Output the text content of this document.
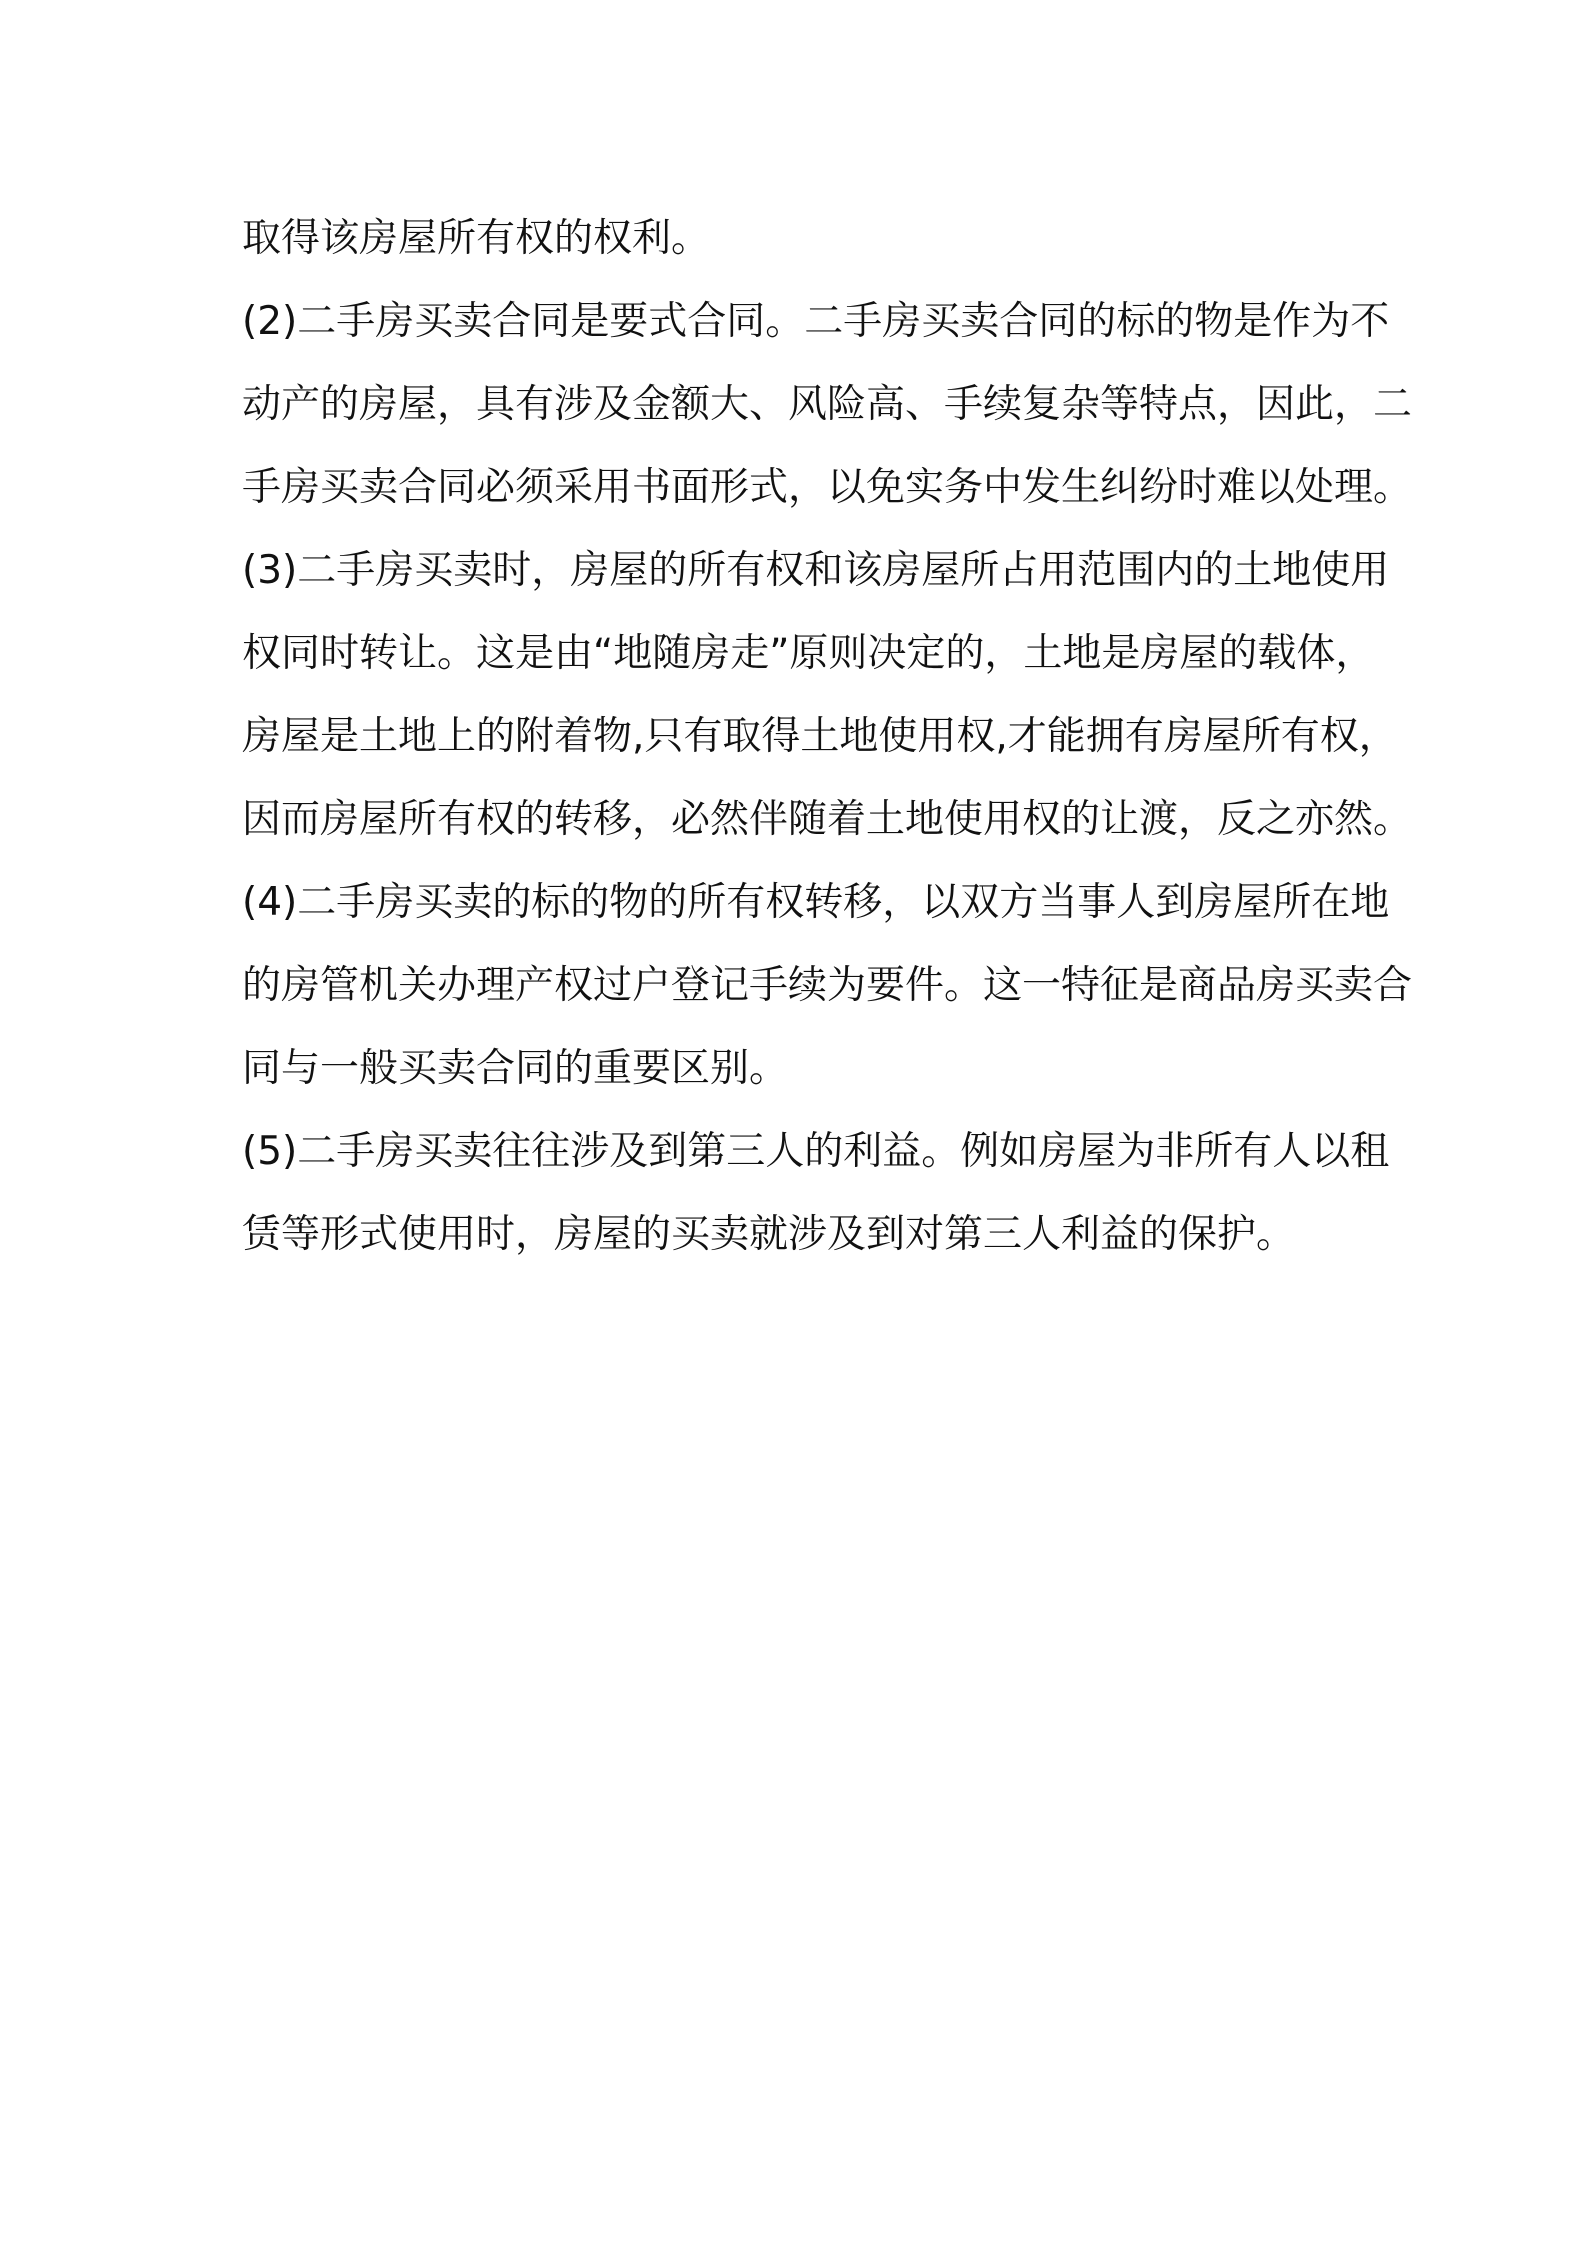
取得该房屋所有权的权利。
(2)二手房买卖合同是要式合同。二手房买卖合同的标的物是作为不
动产的房屋，具有涉及金额大、风险高、手续复杂等特点，因此，二
手房买卖合同必须采用书面形式，以免实务中发生纠纷时难以处理。
(3)二手房买卖时，房屋的所有权和该房屋所占用范围内的土地使用
权同时转让。这是由“地随房走”原则决定的，土地是房屋的载体，
房屋是土地上的附着物,只有取得土地使用权,才能拥有房屋所有权，
因而房屋所有权的转移，必然伴随着土地使用权的让渡，反之亦然。
(4)二手房买卖的标的物的所有权转移，以双方当事人到房屋所在地
的房管机关办理产权过户登记手续为要件。这一特征是商品房买卖合
同与一般买卖合同的重要区别。
(5)二手房买卖往往涉及到第三人的利益。例如房屋为非所有人以租
赁等形式使用时，房屋的买卖就涉及到对第三人利益的保护。
